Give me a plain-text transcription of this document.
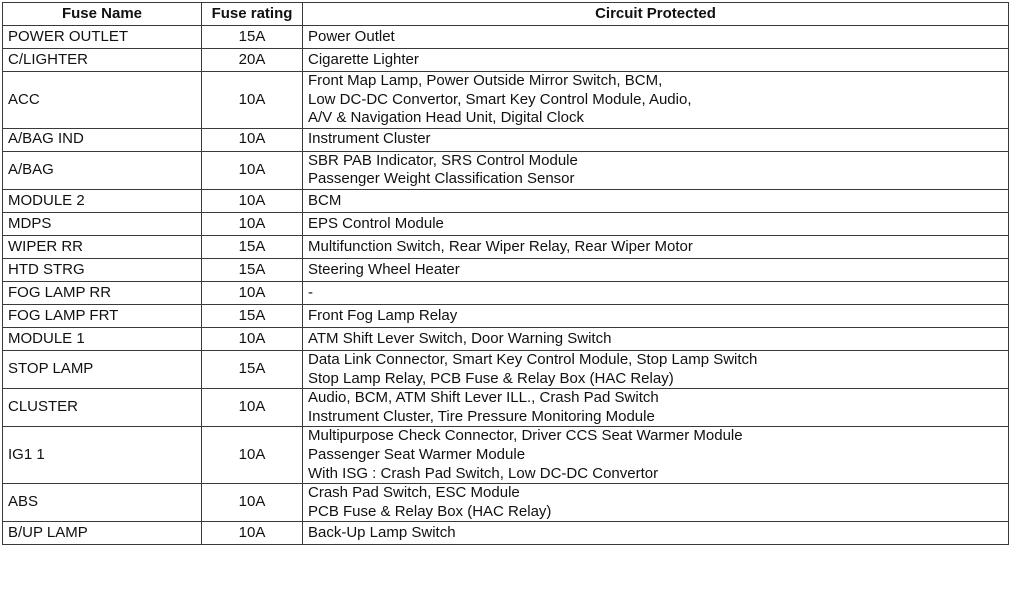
Fuse Name	Fuse rating	Circuit Protected
POWER OUTLET	15A	Power Outlet

C/LIGHTER	20A	Cigarette Lighter

ACC	10A	Front Map Lamp, Power Outside Mirror Switch, BCM,
Low DC-DC Convertor, Smart Key Control Module, Audio,
A/V & Navigation Head Unit, Digital Clock

A/BAG IND	10A	Instrument Cluster

A/BAG	10A	SBR PAB Indicator, SRS Control Module
Passenger Weight Classification Sensor

MODULE 2	10A	BCM

MDPS	10A	EPS Control Module

WIPER RR	15A	Multifunction Switch, Rear Wiper Relay, Rear Wiper Motor

HTD STRG	15A	Steering Wheel Heater

FOG LAMP RR	10A	-

FOG LAMP FRT	15A	Front Fog Lamp Relay

MODULE 1	10A	ATM Shift Lever Switch, Door Warning Switch

STOP LAMP	15A	Data Link Connector, Smart Key Control Module, Stop Lamp Switch
Stop Lamp Relay, PCB Fuse & Relay Box (HAC Relay)

CLUSTER	10A	Audio, BCM, ATM Shift Lever ILL., Crash Pad Switch
Instrument Cluster, Tire Pressure Monitoring Module

IG1 1	10A	Multipurpose Check Connector, Driver CCS Seat Warmer Module
Passenger Seat Warmer Module
With ISG : Crash Pad Switch, Low DC-DC Convertor

ABS	10A	Crash Pad Switch, ESC Module
PCB Fuse & Relay Box (HAC Relay)

B/UP LAMP	10A	Back-Up Lamp Switch
